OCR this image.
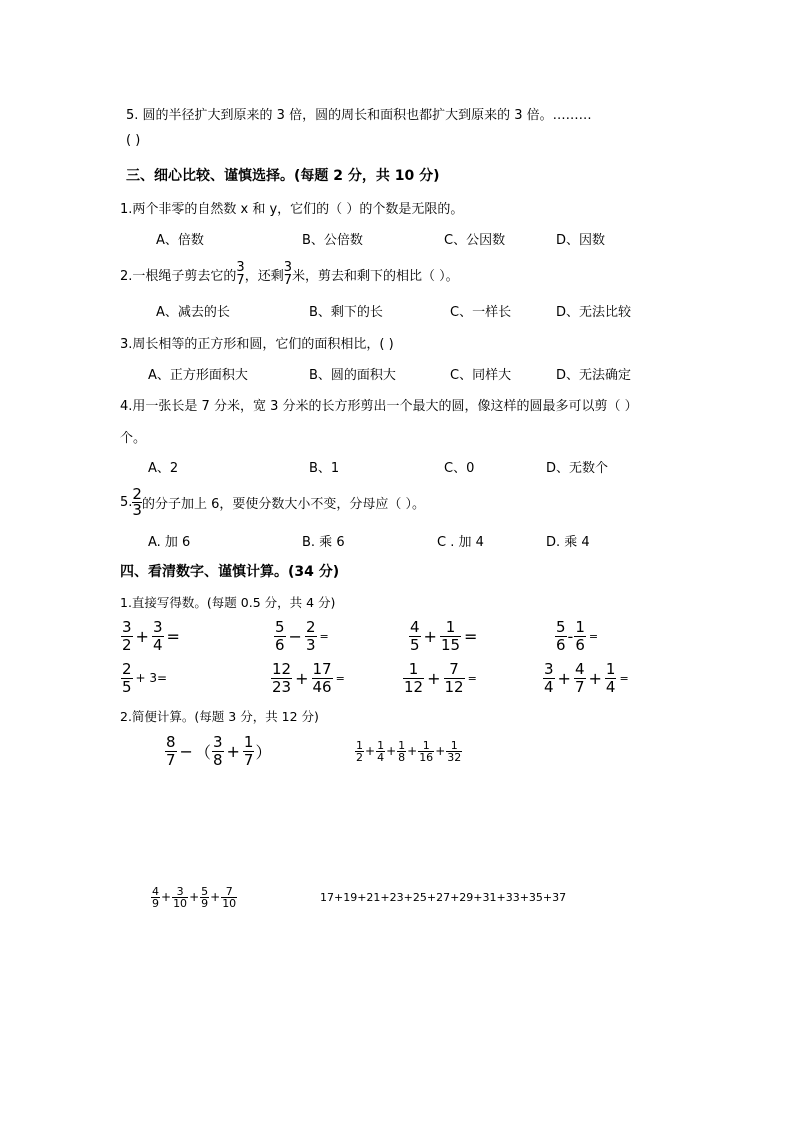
5. 圆的半径扩大到原来的 3 倍，圆的周长和面积也都扩大到原来的 3 倍。………
( )
三、细心比较、谨慎选择。(每题 2 分，共 10 分)
1.两个非零的自然数 x 和 y，它们的（ ）的个数是无限的。
A、倍数	B、公倍数	C、公因数	D、因数
2.一根绳子剪去它的
3
7 ，还剩
3
7 米，剪去和剩下的相比（ ）。
A、减去的长	B、剩下的长	C、一样长	D、无法比较
3.周长相等的正方形和圆，它们的面积相比，( )
A、正方形面积大	B、圆的面积大	C、同样大	D、无法确定
4.用一张长是 7 分米，宽 3 分米的长方形剪出一个最大的圆，像这样的圆最多可以剪（ ）
个。
A、2	B、1	C、0	D、无数个
5. $\frac{2}{3}$ 的分子加上 6，要使分数大小不变，分母应（ ）。
A. 加 6	B. 乘 6	C . 加 4	D. 乘 4
四、看清数字、谨慎计算。(34 分)
1.直接写得数。(每题 0.5 分，共 4 分)
$\frac{3}{2} + \frac{3}{4}$ =	$\frac{5}{6} - \frac{2}{3}$ =	$\frac{4}{5} + \frac{1}{15}$ =	$\frac{5}{6} - \frac{1}{6}$ =
$\frac{2}{5} + 3=$	$\frac{12}{23} + \frac{17}{46}$ =	$\frac{1}{12} + \frac{7}{12}$ =	$\frac{3}{4} + \frac{4}{7} + \frac{1}{4}$ =
2.简便计算。(每题 3 分，共 12 分)
$\frac{8}{7}$ − （ $\frac{3}{8} + \frac{1}{7}$ ）	$\frac{1}{2} + \frac{1}{4} + \frac{1}{8} + \frac{1}{16} + \frac{1}{32}$
$\frac{4}{9} + \frac{3}{10} + \frac{5}{9} + \frac{7}{10}$	17+19+21+23+25+27+29+31+33+35+37
